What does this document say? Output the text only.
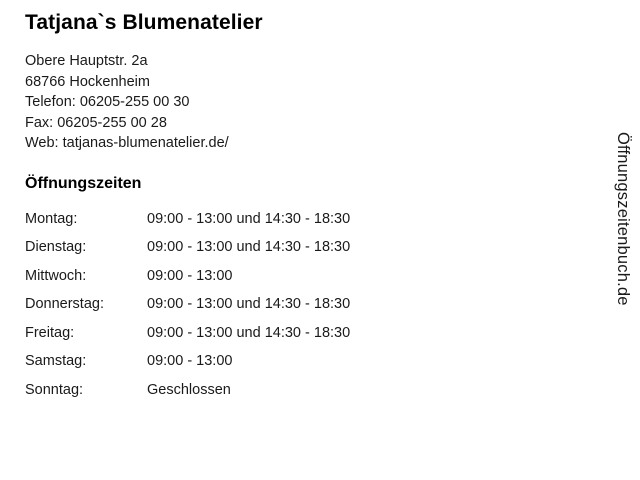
Tatjana`s Blumenatelier
Obere Hauptstr. 2a
68766 Hockenheim
Telefon: 06205-255 00 30
Fax: 06205-255 00 28
Web: tatjanas-blumenatelier.de/
Öffnungszeiten
Montag:	09:00 - 13:00 und 14:30 - 18:30
Dienstag:	09:00 - 13:00 und 14:30 - 18:30
Mittwoch:	09:00 - 13:00
Donnerstag:	09:00 - 13:00 und 14:30 - 18:30
Freitag:	09:00 - 13:00 und 14:30 - 18:30
Samstag:	09:00 - 13:00
Sonntag:	Geschlossen
Öffnungszeitenbuch.de
